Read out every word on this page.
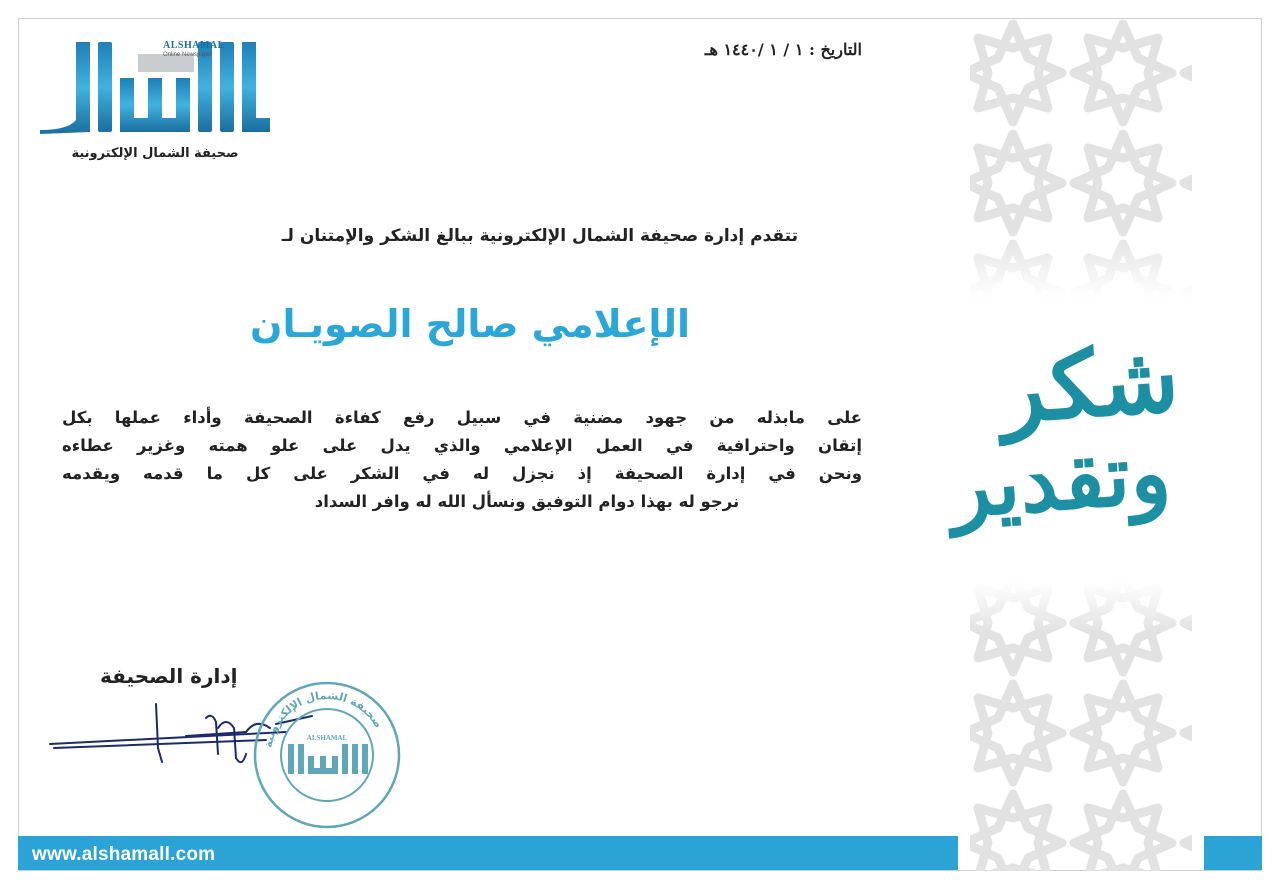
ALSHAMAL
Online Newspaper
صحيفة الشمال الإلكترونية
التاريخ : ١ / ١ /١٤٤٠ هـ
تتقدم إدارة صحيفة الشمال الإلكترونية ببالغ الشكر والإمتنان لـ
الإعلامي صالح الصويـان
على مابذله من جهود مضنية في سبيل رفع كفاءة الصحيفة وأداء عملها بكل
إتقان واحترافية في العمل الإعلامي والذي يدل على علو همته وغزير عطاءه
ونحن في إدارة الصحيفة إذ نجزل له في الشكر على كل ما قدمه ويقدمه
نرجو له بهذا دوام التوفيق ونسأل الله له وافر السداد
إدارة الصحيفة
صحيفة الشمال الإلكترونية
ALSHAMAL
شكر
وتقدير
www.alshamall.com
